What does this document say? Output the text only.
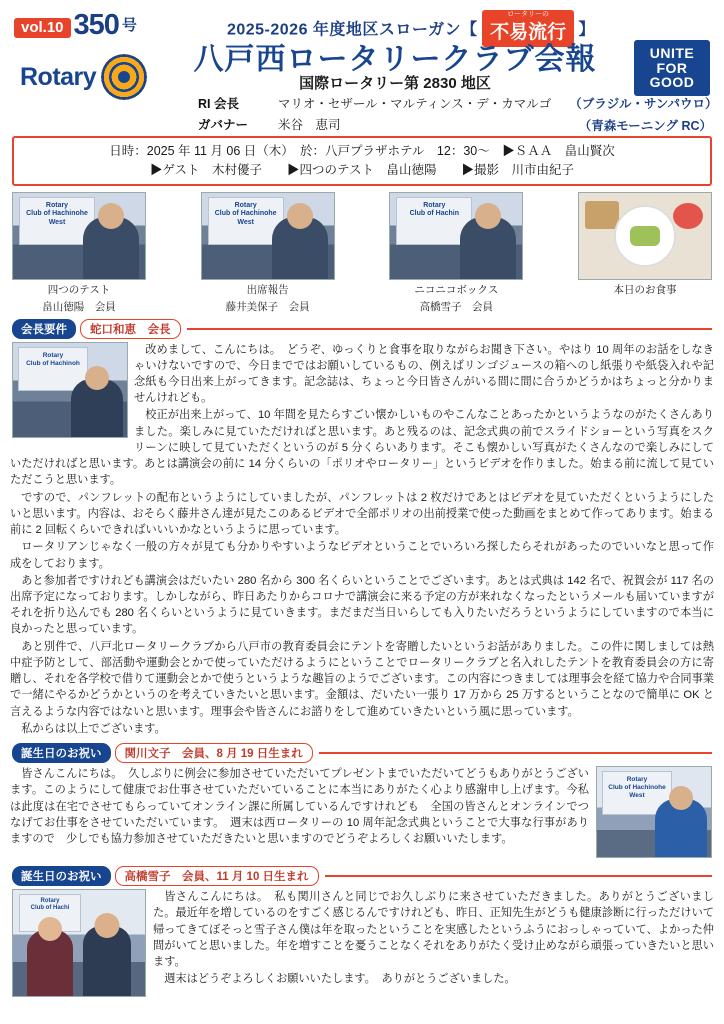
vol.10 350 号
Rotary
2025-2026 年度地区スローガン【
ロータリーの
不易流行 】
八戸西ロータリークラブ会報
国際ロータリー第 2830 地区
RI 会長	マリオ・セザール・マルティンス・デ・カマルゴ （ブラジル・サンパウロ）
ガバナー	米谷　恵司	（青森モーニング RC）
UNITE
FOR
GOOD
日時：2025 年 11 月 06 日（木）　於：八戸プラザホテル　12：30～　▶ＳＡＡ　畠山賢次
▶ゲスト　木村優子　　▶四つのテスト　畠山徳陽　　▶撮影　川市由紀子
Rotary
Club of Hachinohe
West
四つのテスト
畠山徳陽　会員
Rotary
Club of Hachinohe
West
出席報告
藤井美保子　会員
Rotary
Club of Hachin
ニコニコボックス
高橋雪子　会員
本日のお食事
会長要件	蛇口和恵　会長
Rotary
Club of Hachinoh

改めまして、こんにちは。　どうぞ、ゆっくりと食事を取りながらお聞き下さい。やはり 10 周年のお話をしなきゃいけないですので、今日までではお願いしているもの、例えばリンゴジュースの箱へのし紙張りや紙袋入れや記念紙も今日出来上がってきます。記念誌は、ちょっと今日皆さんがいる間に間に合うかどうかはちょっと分かりませんけれども。

校正が出来上がって、10 年間を見たらすごい懐かしいものやこんなことあったかというようなのがたくさんありました。楽しみに見ていただければと思います。あと残るのは、記念式典の前でスライドショーという写真をスクリーンに映して見ていただくというのが 5 分くらいあります。そこも懐かしい写真がたくさんなので楽しみにしていただければと思います。あとは講演会の前に 14 分くらいの「ポリオやロータリー」というビデオを作りました。始まる前に流して見ていただこうと思います。

ですので、パンフレットの配布というようにしていましたが、パンフレットは 2 枚だけであとはビデオを見ていただくというようにしたいと思います。内容は、おそらく藤井さん達が見たこのあるビデオで全部ポリオの出前授業で使った動画をまとめて作ってあります。始まる前に 2 回転くらいできればいいいかなというように思っています。

ロータリアンじゃなく一般の方々が見ても分かりやすいようなビデオということでいろいろ探したらそれがあったのでいいなと思って作成をしております。

あと参加者ですけれども講演会はだいたい 280 名から 300 名くらいということでございます。あとは式典は 142 名で、祝賀会が 117 名の出席予定になっております。しかしながら、昨日あたりからコロナで講演会に来る予定の方が来れなくなったというメールも届いていますがそれを折り込んでも 280 名くらいというように見ていきます。まだまだ当日いらしても入りたいだろうというようにしていますので本当に良かったと思っています。

あと別件で、八戸北ロータリークラブから八戸市の教育委員会にテントを寄贈したいというお話がありました。この件に関しましては熱中症予防として、部活動や運動会とかで使っていただけるようにということでロータリークラブと名入れしたテントを教育委員会の方に寄贈し、それを各学校で借りて運動会とかで使うというような趣旨のようでございます。この内容につきましては理事会を経て協力や合同事業で一緒にやるかどうかというのを考えていきたいと思います。金額は、だいたい一張り 17 万から 25 万するということなので簡単に OK と言えるような内容ではないと思います。理事会や皆さんにお諮りをして進めていきたいという風に思っています。

私からは以上でございます。

誕生日のお祝い	関川文子　会員、8 月 19 日生まれ
Rotary
Club of Hachinohe
West

皆さんこんにちは。　久しぶりに例会に参加させていただいてプレゼントまでいただいてどうもありがとうございます。このようにして健康でお仕事させていただいていることに本当にありがたく心より感謝申し上げます。今私は此度は在宅でさせてもらっていてオンライン課に所属しているんですけれども　全国の皆さんとオンラインでつなげてお仕事をさせていただいています。　週末は西ロータリーの 10 周年記念式典ということで大事な行事がありますので　少しでも協力参加させていただきたいと思いますのでどうぞよろしくお願いいたします。

誕生日のお祝い	高橋雪子　会員、11 月 10 日生まれ
Rotary
Club of Hachi

皆さんこんにちは。　私も関川さんと同じでお久しぶりに来させていただきました。ありがとうございました。最近年を増しているのをすごく感じるんですけれども、昨日、正知先生がどうも健康診断に行っただけいて帰ってきてぼそっと雪子さん僕は年を取ったということを実感したというふうにおっしゃっていて、よかった仲間がいてと思いました。年を増すことを憂うことなくそれをありがたく受け止めながら頑張っていきたいと思います。

週末はどうぞよろしくお願いいたします。　ありがとうございました。
